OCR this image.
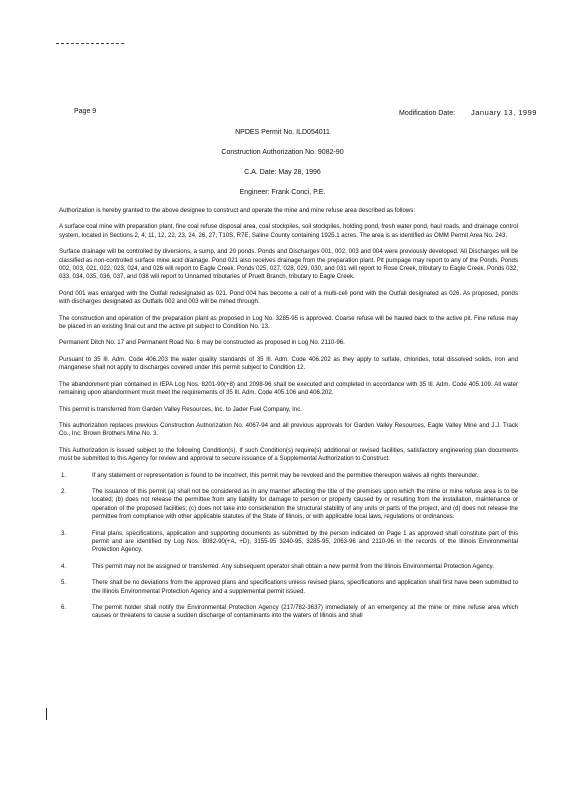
Page 9	Modification Date: January 13, 1999

NPDES Permit No. ILD054011

Construction Authorization No. 9082-90

C.A. Date: May 28, 1996

Engineer: Frank Conci, P.E.

Authorization is hereby granted to the above designee to construct and operate the mine and mine refuse area described as follows:

A surface coal mine with preparation plant, fine coal refuse disposal area, coal stockpiles, soil stockpiles, holding pond, fresh water pond, haul roads, and drainage control system, located in Sections 2, 4, 11, 12, 22, 23, 24, 26, 27, T10S, R7E, Saline County containing 1925.1 acres. The area is as identified as OMM Permit Area No. 243.

Surface drainage will be controlled by diversions, a sump, and 20 ponds. Ponds and Discharges 001, 002, 003 and 004 were previously developed. All Discharges will be classified as non-controlled surface mine acid drainage. Pond 021 also receives drainage from the preparation plant. Pit pumpage may report to any of the Ponds. Ponds 002, 003, 021, 022, 023, 024, and 026 will report to Eagle Creek. Ponds 025, 027, 028, 029, 030, and 031 will report to Rose Creek, tributary to Eagle Creek. Ponds 032, 033, 034, 035, 036, 037, and 038 will report to Unnamed tributaries of Pruett Branch, tributary to Eagle Creek.

Pond 001 was enlarged with the Outfall redesignated as 021. Pond 004 has become a cell of a multi-cell pond with the Outfall designated as 026. As proposed, ponds with discharges designated as Outfalls 002 and 003 will be mined through.

The construction and operation of the preparation plant as proposed in Log No. 3285-95 is approved. Coarse refuse will be hauled back to the active pit. Fine refuse may be placed in an existing final cut and the active pit subject to Condition No. 13.

Permanent Ditch No. 17 and Permanent Road No. 6 may be constructed as proposed in Log No. 2110-96.

Pursuant to 35 Ill. Adm. Code 406.203 the water quality standards of 35 Ill. Adm. Code 406.202 as they apply to sulfate, chlorides, total dissolved solids, iron and manganese shall not apply to discharges covered under this permit subject to Condition 12.

The abandonment plan contained in IEPA Log Nos. 8201-90(+8) and 2098-96 shall be executed and completed in accordance with 35 Ill. Adm. Code 405.109. All water remaining upon abandonment must meet the requirements of 35 Ill. Adm. Code 405.106 and 406.202.

This permit is transferred from Garden Valley Resources, Inc. to Jader Fuel Company, Inc.

This authorization replaces previous Construction Authorization No. 4067-94 and all previous approvals for Garden Valley Resources, Eagle Valley Mine and J.J. Track Co., Inc. Brown Brothers Mine No. 3.

This Authorization is issued subject to the following Condition(s). If such Condition(s) require(s) additional or revised facilities, satisfactory engineering plan documents must be submitted to this Agency for review and approval to secure issuance of a Supplemental Authorization to Construct.

1.	If any statement or representation is found to be incorrect, this permit may be revoked and the permittee thereupon waives all rights thereunder.
2.	The issuance of this permit (a) shall not be considered as in any manner affecting the title of the premises upon which the mine or mine refuse area is to be located; (b) does not release the permittee from any liability for damage to person or property caused by or resulting from the installation, maintenance or operation of the proposed facilities; (c) does not take into consideration the structural stability of any units or parts of the project, and (d) does not release the permittee from compliance with other applicable statutes of the State of Illinois, or with applicable local laws, regulations or ordinances.
3.	Final plans, specifications, application and supporting documents as submitted by the person indicated on Page 1 as approved shall constitute part of this permit and are identified by Log Nos. 8082-90(+A, +D), 3155-95 3240-95, 3285-95, 2063-96 and 2110-96 in the records of the Illinois Environmental Protection Agency.
4.	This permit may not be assigned or transferred. Any subsequent operator shall obtain a new permit from the Illinois Environmental Protection Agency.
5.	There shall be no deviations from the approved plans and specifications unless revised plans, specifications and application shall first have been submitted to the Illinois Environmental Protection Agency and a supplemental permit issued.
6.	The permit holder shall notify the Environmental Protection Agency (217/782-3637) immediately of an emergency at the mine or mine refuse area which causes or threatens to cause a sudden discharge of contaminants into the waters of Illinois and shall
